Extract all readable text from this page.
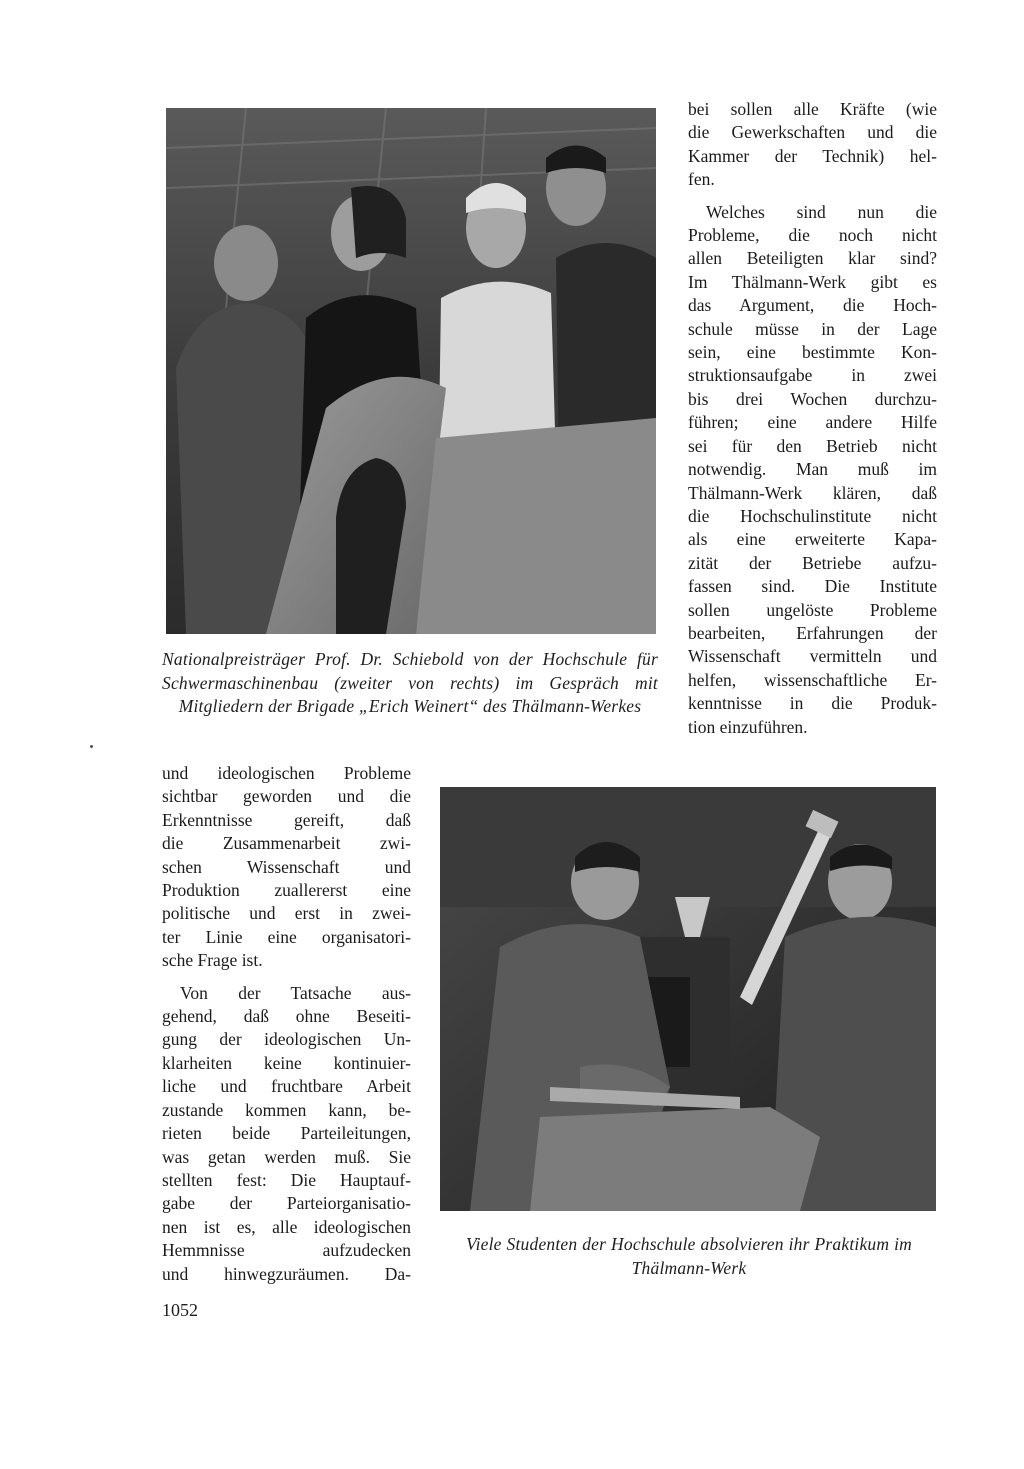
Nationalpreisträger Prof. Dr. Schiebold von der Hochschule für Schwermaschinenbau (zweiter von rechts) im Gespräch mit Mitgliedern der Brigade „Erich Weinert“ des Thälmann-Werkes

bei sollen alle Kräfte (wie
die Gewerkschaften und die
Kammer der Technik) hel-
fen.

Welches sind nun die
Probleme, die noch nicht
allen Beteiligten klar sind?
Im Thälmann-Werk gibt es
das Argument, die Hoch-
schule müsse in der Lage
sein, eine bestimmte Kon-
struktionsaufgabe in zwei
bis drei Wochen durchzu-
führen; eine andere Hilfe
sei für den Betrieb nicht
notwendig. Man muß im
Thälmann-Werk klären, daß
die Hochschulinstitute nicht
als eine erweiterte Kapa-
zität der Betriebe aufzu-
fassen sind. Die Institute
sollen ungelöste Probleme
bearbeiten, Erfahrungen der
Wissenschaft vermitteln und
helfen, wissenschaftliche Er-
kenntnisse in die Produk-
tion einzuführen.

und ideologischen Probleme
sichtbar geworden und die
Erkenntnisse gereift, daß
die Zusammenarbeit zwi-
schen Wissenschaft und
Produktion zuallererst eine
politische und erst in zwei-
ter Linie eine organisatori-
sche Frage ist.

Von der Tatsache aus-
gehend, daß ohne Beseiti-
gung der ideologischen Un-
klarheiten keine kontinuier-
liche und fruchtbare Arbeit
zustande kommen kann, be-
rieten beide Parteileitungen,
was getan werden muß. Sie
stellten fest: Die Hauptauf-
gabe der Parteiorganisatio-
nen ist es, alle ideologischen
Hemmnisse aufzudecken
und hinwegzuräumen. Da-

Viele Studenten der Hochschule absolvieren ihr Praktikum im Thälmann-Werk
1052
